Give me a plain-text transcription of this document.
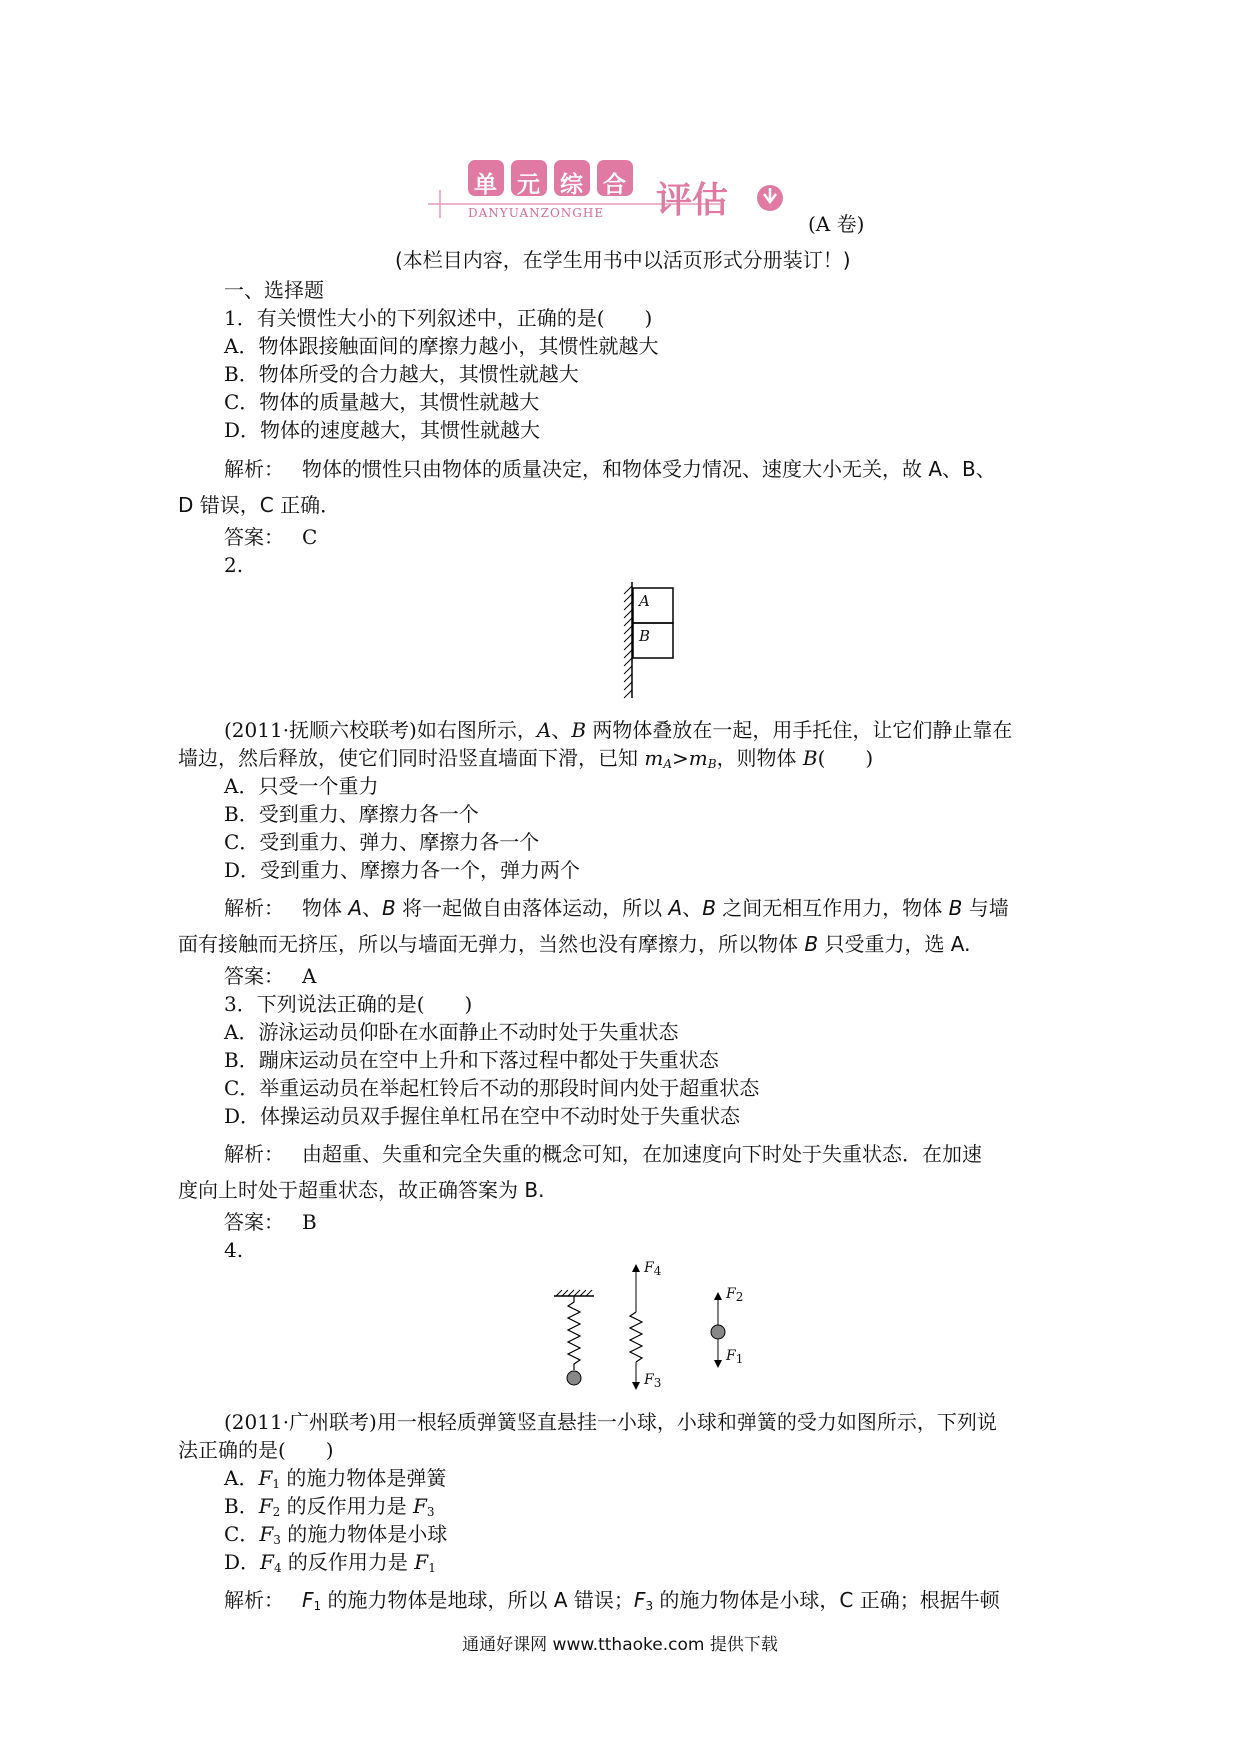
单 元 综 合
DANYUANZONGHE 评估
(A 卷)
(本栏目内容，在学生用书中以活页形式分册装订！)
一、选择题
1．有关惯性大小的下列叙述中，正确的是(　　)
A．物体跟接触面间的摩擦力越小，其惯性就越大
B．物体所受的合力越大，其惯性就越大
C．物体的质量越大，其惯性就越大
D．物体的速度越大，其惯性就越大
解析： 物体的惯性只由物体的质量决定，和物体受力情况、速度大小无关，故 A、B、
D 错误，C 正确．
答案： C
2.
A
B
(2011·抚顺六校联考)如右图所示，A、B 两物体叠放在一起，用手托住，让它们静止靠在
墙边，然后释放，使它们同时沿竖直墙面下滑，已知 $m_A>m_B$，则物体 B(　　)
A．只受一个重力
B．受到重力、摩擦力各一个
C．受到重力、弹力、摩擦力各一个
D．受到重力、摩擦力各一个，弹力两个
解析： 物体 A、B 将一起做自由落体运动，所以 A、B 之间无相互作用力，物体 B 与墙
面有接触而无挤压，所以与墙面无弹力，当然也没有摩擦力，所以物体 B 只受重力，选 A.
答案： A
3．下列说法正确的是(　　)
A．游泳运动员仰卧在水面静止不动时处于失重状态
B．蹦床运动员在空中上升和下落过程中都处于失重状态
C．举重运动员在举起杠铃后不动的那段时间内处于超重状态
D．体操运动员双手握住单杠吊在空中不动时处于失重状态
解析： 由超重、失重和完全失重的概念可知，在加速度向下时处于失重状态．在加速
度向上时处于超重状态，故正确答案为 B.
答案： B
4.
$F_4$
$F_3$
$F_2$
$F_1$
(2011·广州联考)用一根轻质弹簧竖直悬挂一小球，小球和弹簧的受力如图所示，下列说
法正确的是(　　)
A．$F_1$ 的施力物体是弹簧
B．$F_2$ 的反作用力是 $F_3$
C．$F_3$ 的施力物体是小球
D．$F_4$ 的反作用力是 $F_1$
解析： $F_1$ 的施力物体是地球，所以 A 错误；$F_3$ 的施力物体是小球，C 正确；根据牛顿
通通好课网 www.tthaoke.com 提供下载
